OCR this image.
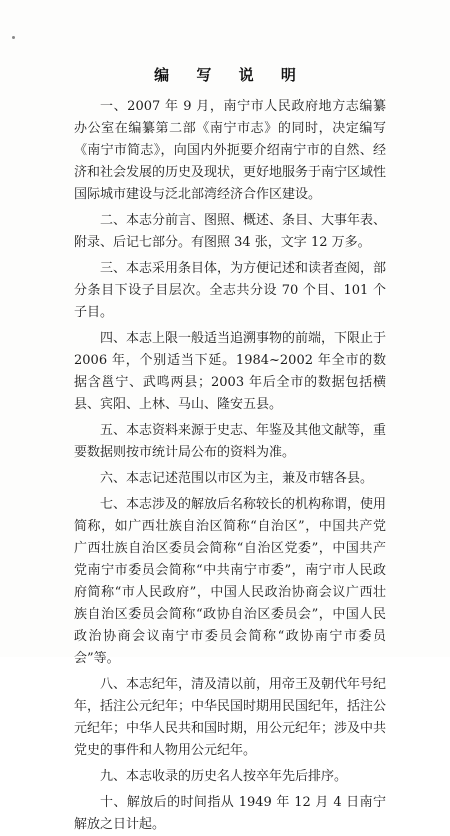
编 写 说 明

一、2007 年 9 月，南宁市人民政府地方志编纂办公室在编纂第二部《南宁市志》的同时，决定编写《南宁市简志》，向国内外扼要介绍南宁市的自然、经济和社会发展的历史及现状，更好地服务于南宁区域性国际城市建设与泛北部湾经济合作区建设。

二、本志分前言、图照、概述、条目、大事年表、附录、后记七部分。有图照 34 张，文字 12 万多。

三、本志采用条目体，为方便记述和读者查阅，部分条目下设子目层次。全志共分设 70 个目、101 个子目。

四、本志上限一般适当追溯事物的前端，下限止于 2006 年，个别适当下延。1984~2002 年全市的数据含邕宁、武鸣两县；2003 年后全市的数据包括横县、宾阳、上林、马山、隆安五县。

五、本志资料来源于史志、年鉴及其他文献等，重要数据则按市统计局公布的资料为准。

六、本志记述范围以市区为主，兼及市辖各县。

七、本志涉及的解放后名称较长的机构称谓，使用简称，如广西壮族自治区简称“自治区”，中国共产党广西壮族自治区委员会简称“自治区党委”，中国共产党南宁市委员会简称“中共南宁市委”，南宁市人民政府简称“市人民政府”，中国人民政治协商会议广西壮族自治区委员会简称“政协自治区委员会”，中国人民政治协商会议南宁市委员会简称“政协南宁市委员会”等。

八、本志纪年，清及清以前，用帝王及朝代年号纪年，括注公元纪年；中华民国时期用民国纪年，括注公元纪年；中华人民共和国时期，用公元纪年；涉及中共党史的事件和人物用公元纪年。

九、本志收录的历史名人按卒年先后排序。

十、解放后的时间指从 1949 年 12 月 4 日南宁解放之日计起。
